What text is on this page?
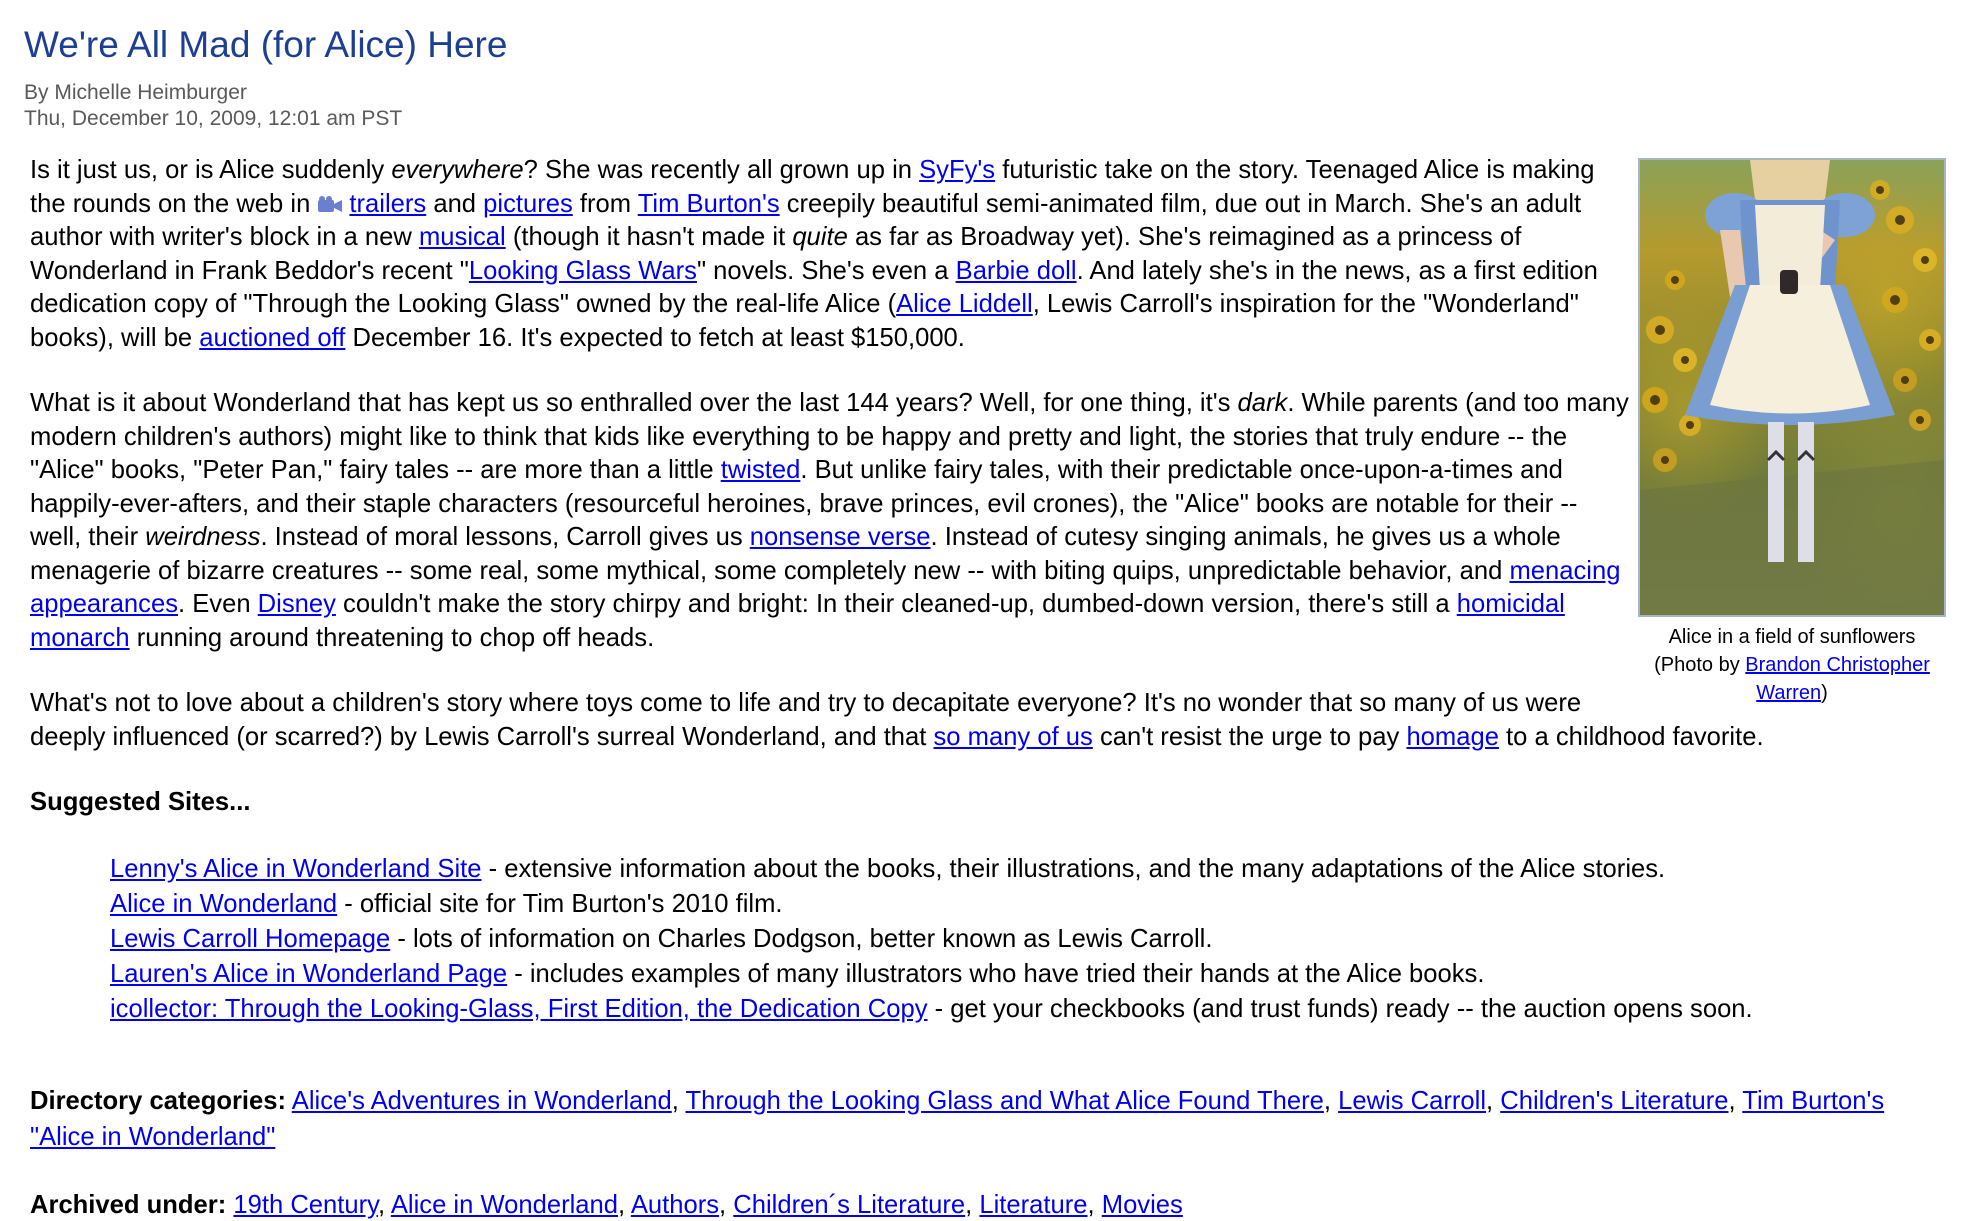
We're All Mad (for Alice) Here
By Michelle Heimburger
Thu, December 10, 2009, 12:01 am PST
Alice in a field of sunflowers
(Photo by Brandon Christopher Warren)

Is it just us, or is Alice suddenly everywhere? She was recently all grown up in SyFy's futuristic take on the story. Teenaged Alice is making the rounds on the web in trailers and pictures from Tim Burton's creepily beautiful semi-animated film, due out in March. She's an adult author with writer's block in a new musical (though it hasn't made it quite as far as Broadway yet). She's reimagined as a princess of Wonderland in Frank Beddor's recent "Looking Glass Wars" novels. She's even a Barbie doll. And lately she's in the news, as a first edition dedication copy of "Through the Looking Glass" owned by the real-life Alice (Alice Liddell, Lewis Carroll's inspiration for the "Wonderland" books), will be auctioned off December 16. It's expected to fetch at least $150,000.

What is it about Wonderland that has kept us so enthralled over the last 144 years? Well, for one thing, it's dark. While parents (and too many modern children's authors) might like to think that kids like everything to be happy and pretty and light, the stories that truly endure -- the "Alice" books, "Peter Pan," fairy tales -- are more than a little twisted. But unlike fairy tales, with their predictable once-upon-a-times and happily-ever-afters, and their staple characters (resourceful heroines, brave princes, evil crones), the "Alice" books are notable for their -- well, their weirdness. Instead of moral lessons, Carroll gives us nonsense verse. Instead of cutesy singing animals, he gives us a whole menagerie of bizarre creatures -- some real, some mythical, some completely new -- with biting quips, unpredictable behavior, and menacing appearances. Even Disney couldn't make the story chirpy and bright: In their cleaned-up, dumbed-down version, there's still a homicidal monarch running around threatening to chop off heads.

What's not to love about a children's story where toys come to life and try to decapitate everyone? It's no wonder that so many of us were deeply influenced (or scarred?) by Lewis Carroll's surreal Wonderland, and that so many of us can't resist the urge to pay homage to a childhood favorite.

Suggested Sites...

Lenny's Alice in Wonderland Site - extensive information about the books, their illustrations, and the many adaptations of the Alice stories.
Alice in Wonderland - official site for Tim Burton's 2010 film.
Lewis Carroll Homepage - lots of information on Charles Dodgson, better known as Lewis Carroll.
Lauren's Alice in Wonderland Page - includes examples of many illustrators who have tried their hands at the Alice books.
icollector: Through the Looking-Glass, First Edition, the Dedication Copy - get your checkbooks (and trust funds) ready -- the auction opens soon.

Directory categories: Alice's Adventures in Wonderland, Through the Looking Glass and What Alice Found There, Lewis Carroll, Children's Literature, Tim Burton's "Alice in Wonderland"

Archived under: 19th Century, Alice in Wonderland, Authors, Children´s Literature, Literature, Movies
